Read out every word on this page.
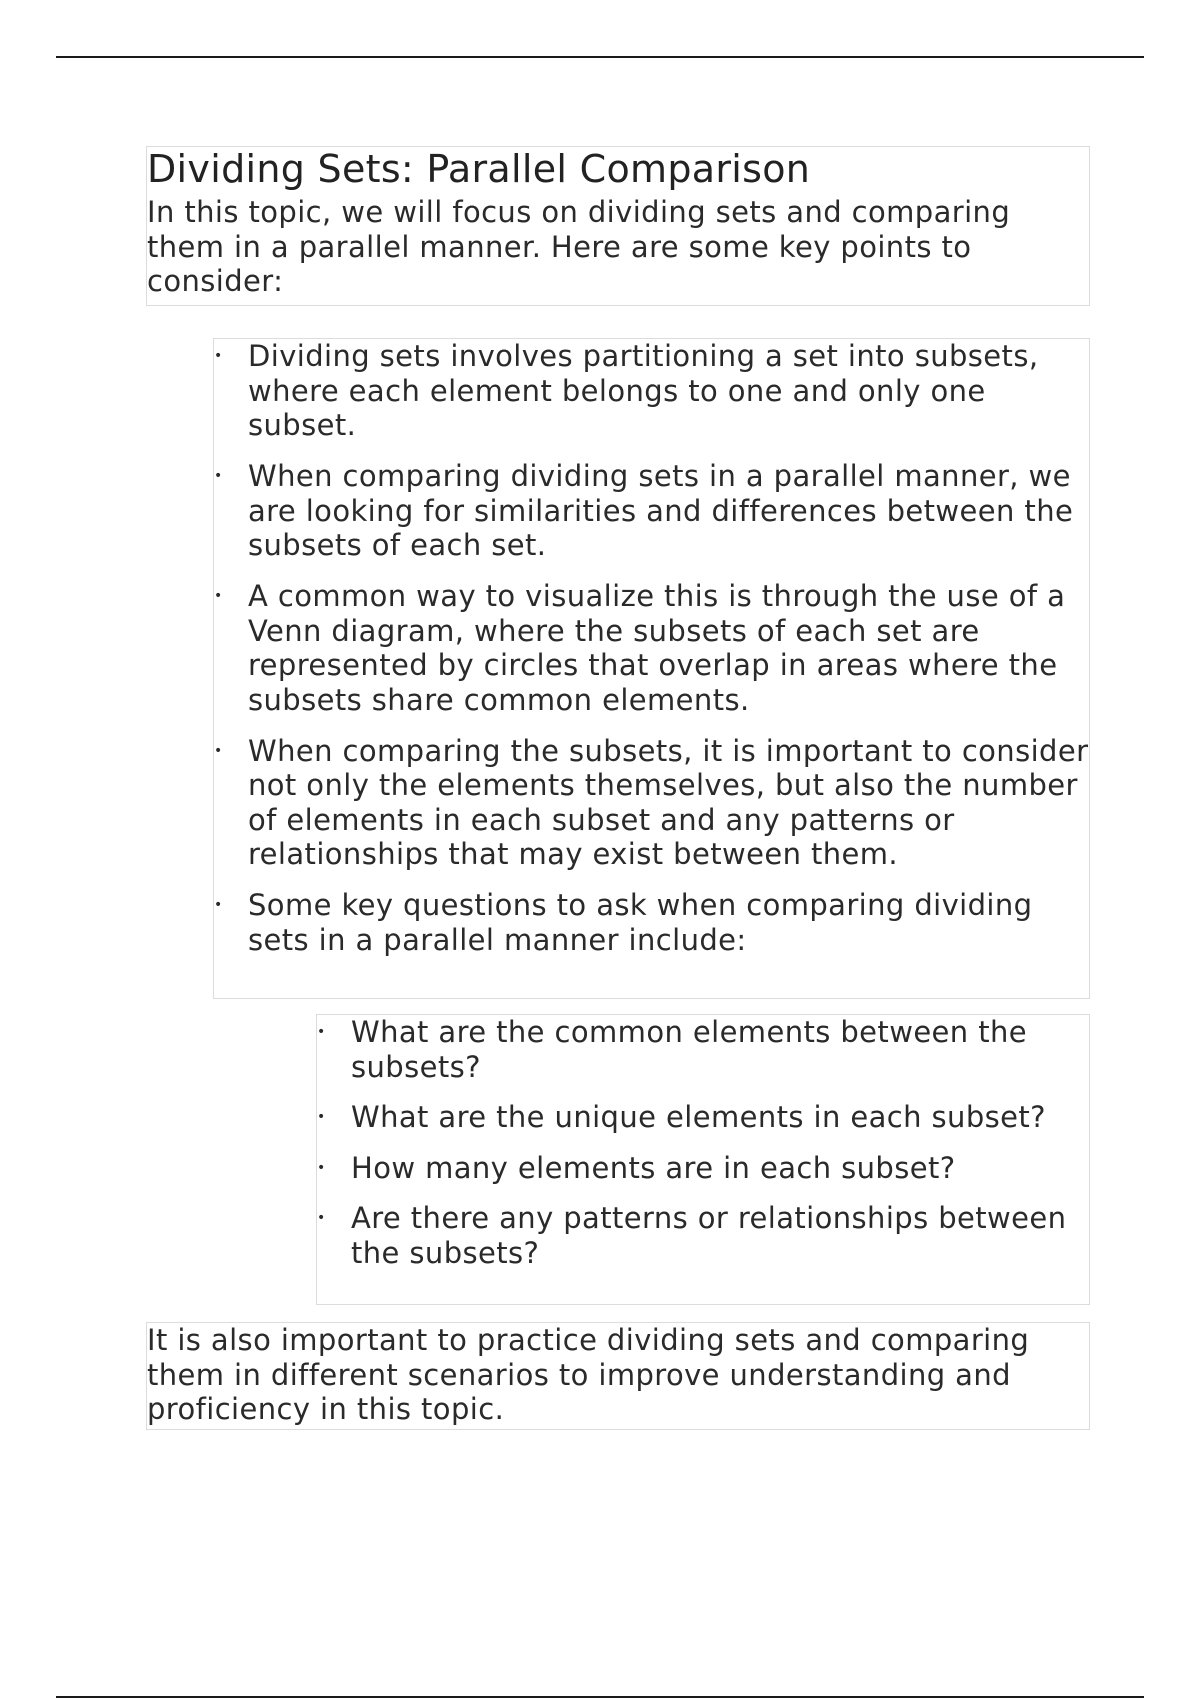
Dividing Sets: Parallel Comparison

In this topic, we will focus on dividing sets and comparing them in a parallel manner. Here are some key points to consider:

• Dividing sets involves partitioning a set into subsets, where each element belongs to one and only one subset.
• When comparing dividing sets in a parallel manner, we are looking for similarities and differences between the subsets of each set.
• A common way to visualize this is through the use of a Venn diagram, where the subsets of each set are represented by circles that overlap in areas where the subsets share common elements.
• When comparing the subsets, it is important to consider not only the elements themselves, but also the number of elements in each subset and any patterns or relationships that may exist between them.
• Some key questions to ask when comparing dividing sets in a parallel manner include:
• What are the common elements between the subsets?
• What are the unique elements in each subset?
• How many elements are in each subset?
• Are there any patterns or relationships between the subsets?

It is also important to practice dividing sets and comparing them in different scenarios to improve understanding and proficiency in this topic.
